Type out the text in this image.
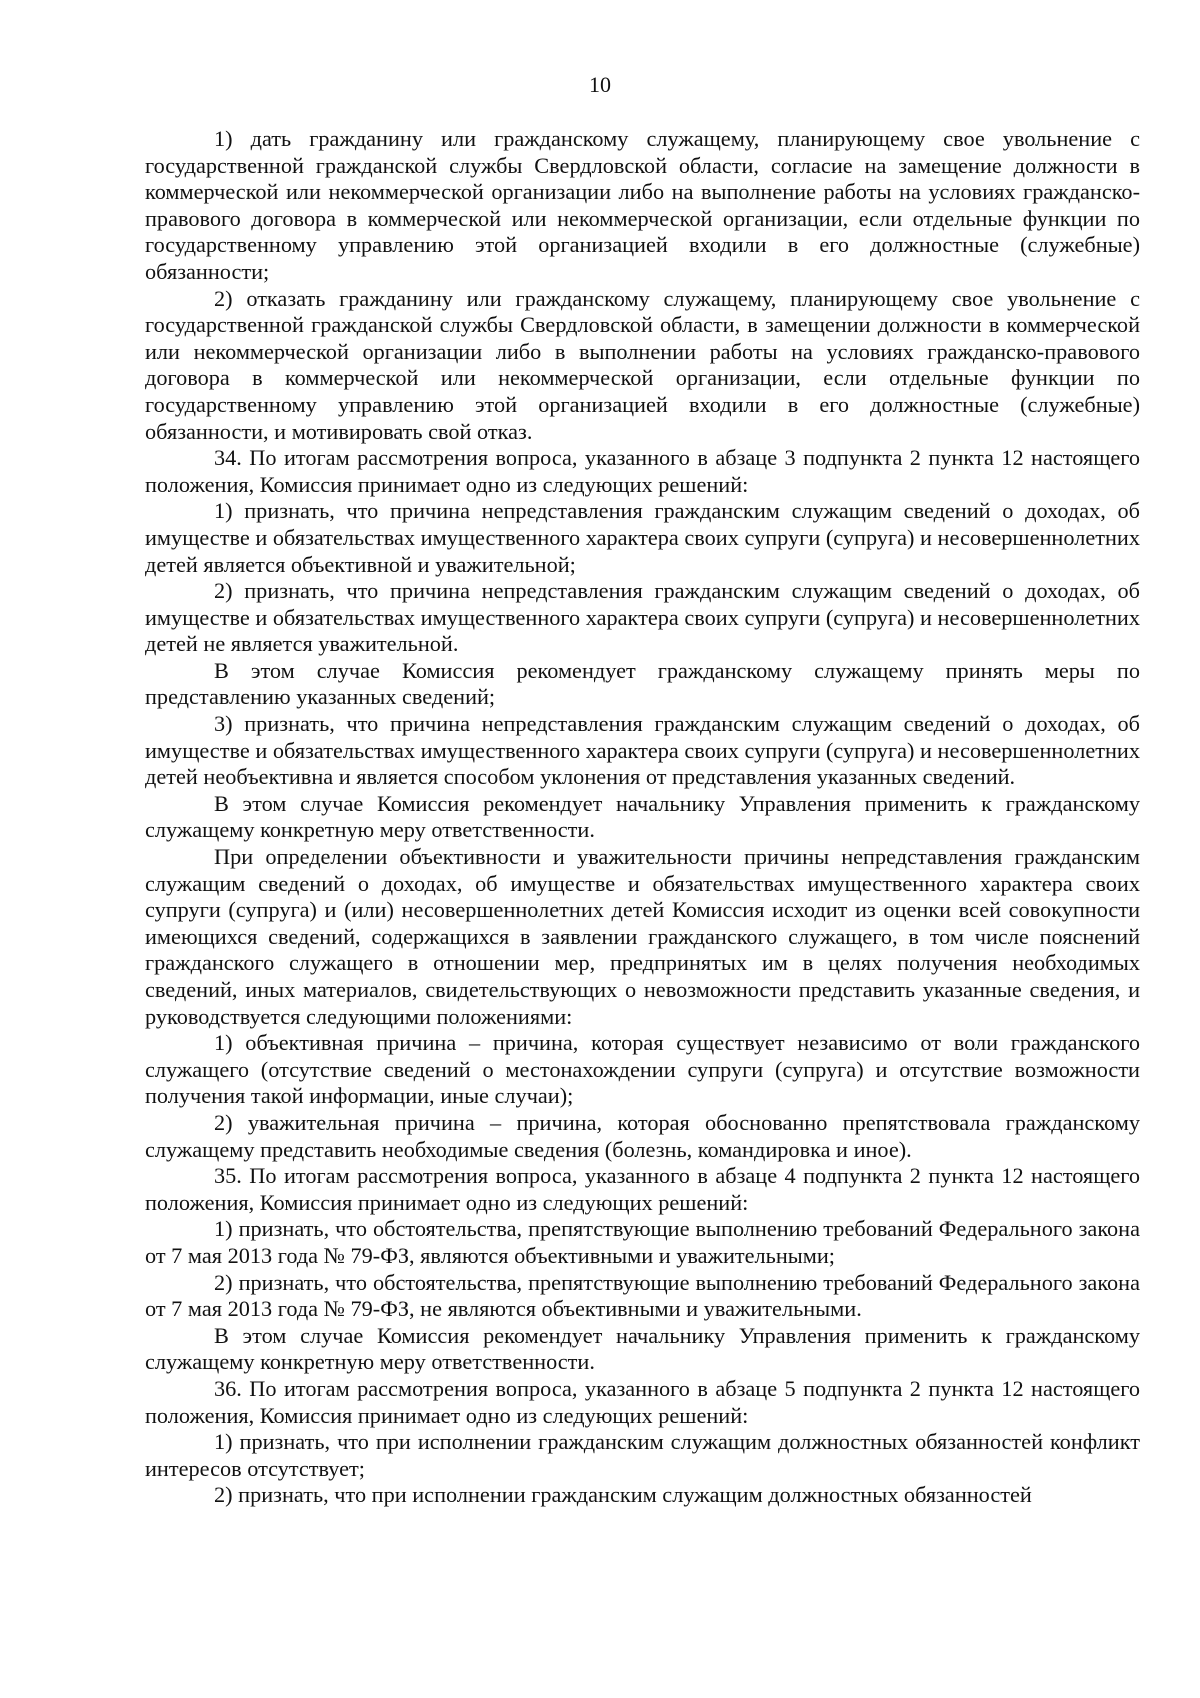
10

1) дать гражданину или гражданскому служащему, планирующему свое увольнение с государственной гражданской службы Свердловской области, согласие на замещение должности в коммерческой или некоммерческой организации либо на выполнение работы на условиях гражданско-правового договора в коммерческой или некоммерческой организации, если отдельные функции по государственному управлению этой организацией входили в его должностные (служебные) обязанности;

2) отказать гражданину или гражданскому служащему, планирующему свое увольнение с государственной гражданской службы Свердловской области, в замещении должности в коммерческой или некоммерческой организации либо в выполнении работы на условиях гражданско-правового договора в коммерческой или некоммерческой организации, если отдельные функции по государственному управлению этой организацией входили в его должностные (служебные) обязанности, и мотивировать свой отказ.

34. По итогам рассмотрения вопроса, указанного в абзаце 3 подпункта 2 пункта 12 настоящего положения, Комиссия принимает одно из следующих решений:

1) признать, что причина непредставления гражданским служащим сведений о доходах, об имуществе и обязательствах имущественного характера своих супруги (супруга) и несовершеннолетних детей является объективной и уважительной;

2) признать, что причина непредставления гражданским служащим сведений о доходах, об имуществе и обязательствах имущественного характера своих супруги (супруга) и несовершеннолетних детей не является уважительной.

В этом случае Комиссия рекомендует гражданскому служащему принять меры по представлению указанных сведений;

3) признать, что причина непредставления гражданским служащим сведений о доходах, об имуществе и обязательствах имущественного характера своих супруги (супруга) и несовершеннолетних детей необъективна и является способом уклонения от представления указанных сведений.

В этом случае Комиссия рекомендует начальнику Управления применить к гражданскому служащему конкретную меру ответственности.

При определении объективности и уважительности причины непредставления гражданским служащим сведений о доходах, об имуществе и обязательствах имущественного характера своих супруги (супруга) и (или) несовершеннолетних детей Комиссия исходит из оценки всей совокупности имеющихся сведений, содержащихся в заявлении гражданского служащего, в том числе пояснений гражданского служащего в отношении мер, предпринятых им в целях получения необходимых сведений, иных материалов, свидетельствующих о невозможности представить указанные сведения, и руководствуется следующими положениями:

1) объективная причина – причина, которая существует независимо от воли гражданского служащего (отсутствие сведений о местонахождении супруги (супруга) и отсутствие возможности получения такой информации, иные случаи);

2) уважительная причина – причина, которая обоснованно препятствовала гражданскому служащему представить необходимые сведения (болезнь, командировка и иное).

35. По итогам рассмотрения вопроса, указанного в абзаце 4 подпункта 2 пункта 12 настоящего положения, Комиссия принимает одно из следующих решений:

1) признать, что обстоятельства, препятствующие выполнению требований Федерального закона от 7 мая 2013 года № 79-ФЗ, являются объективными и уважительными;

2) признать, что обстоятельства, препятствующие выполнению требований Федерального закона от 7 мая 2013 года № 79-ФЗ, не являются объективными и уважительными.

В этом случае Комиссия рекомендует начальнику Управления применить к гражданскому служащему конкретную меру ответственности.

36. По итогам рассмотрения вопроса, указанного в абзаце 5 подпункта 2 пункта 12 настоящего положения, Комиссия принимает одно из следующих решений:

1) признать, что при исполнении гражданским служащим должностных обязанностей конфликт интересов отсутствует;

2) признать, что при исполнении гражданским служащим должностных обязанностей
